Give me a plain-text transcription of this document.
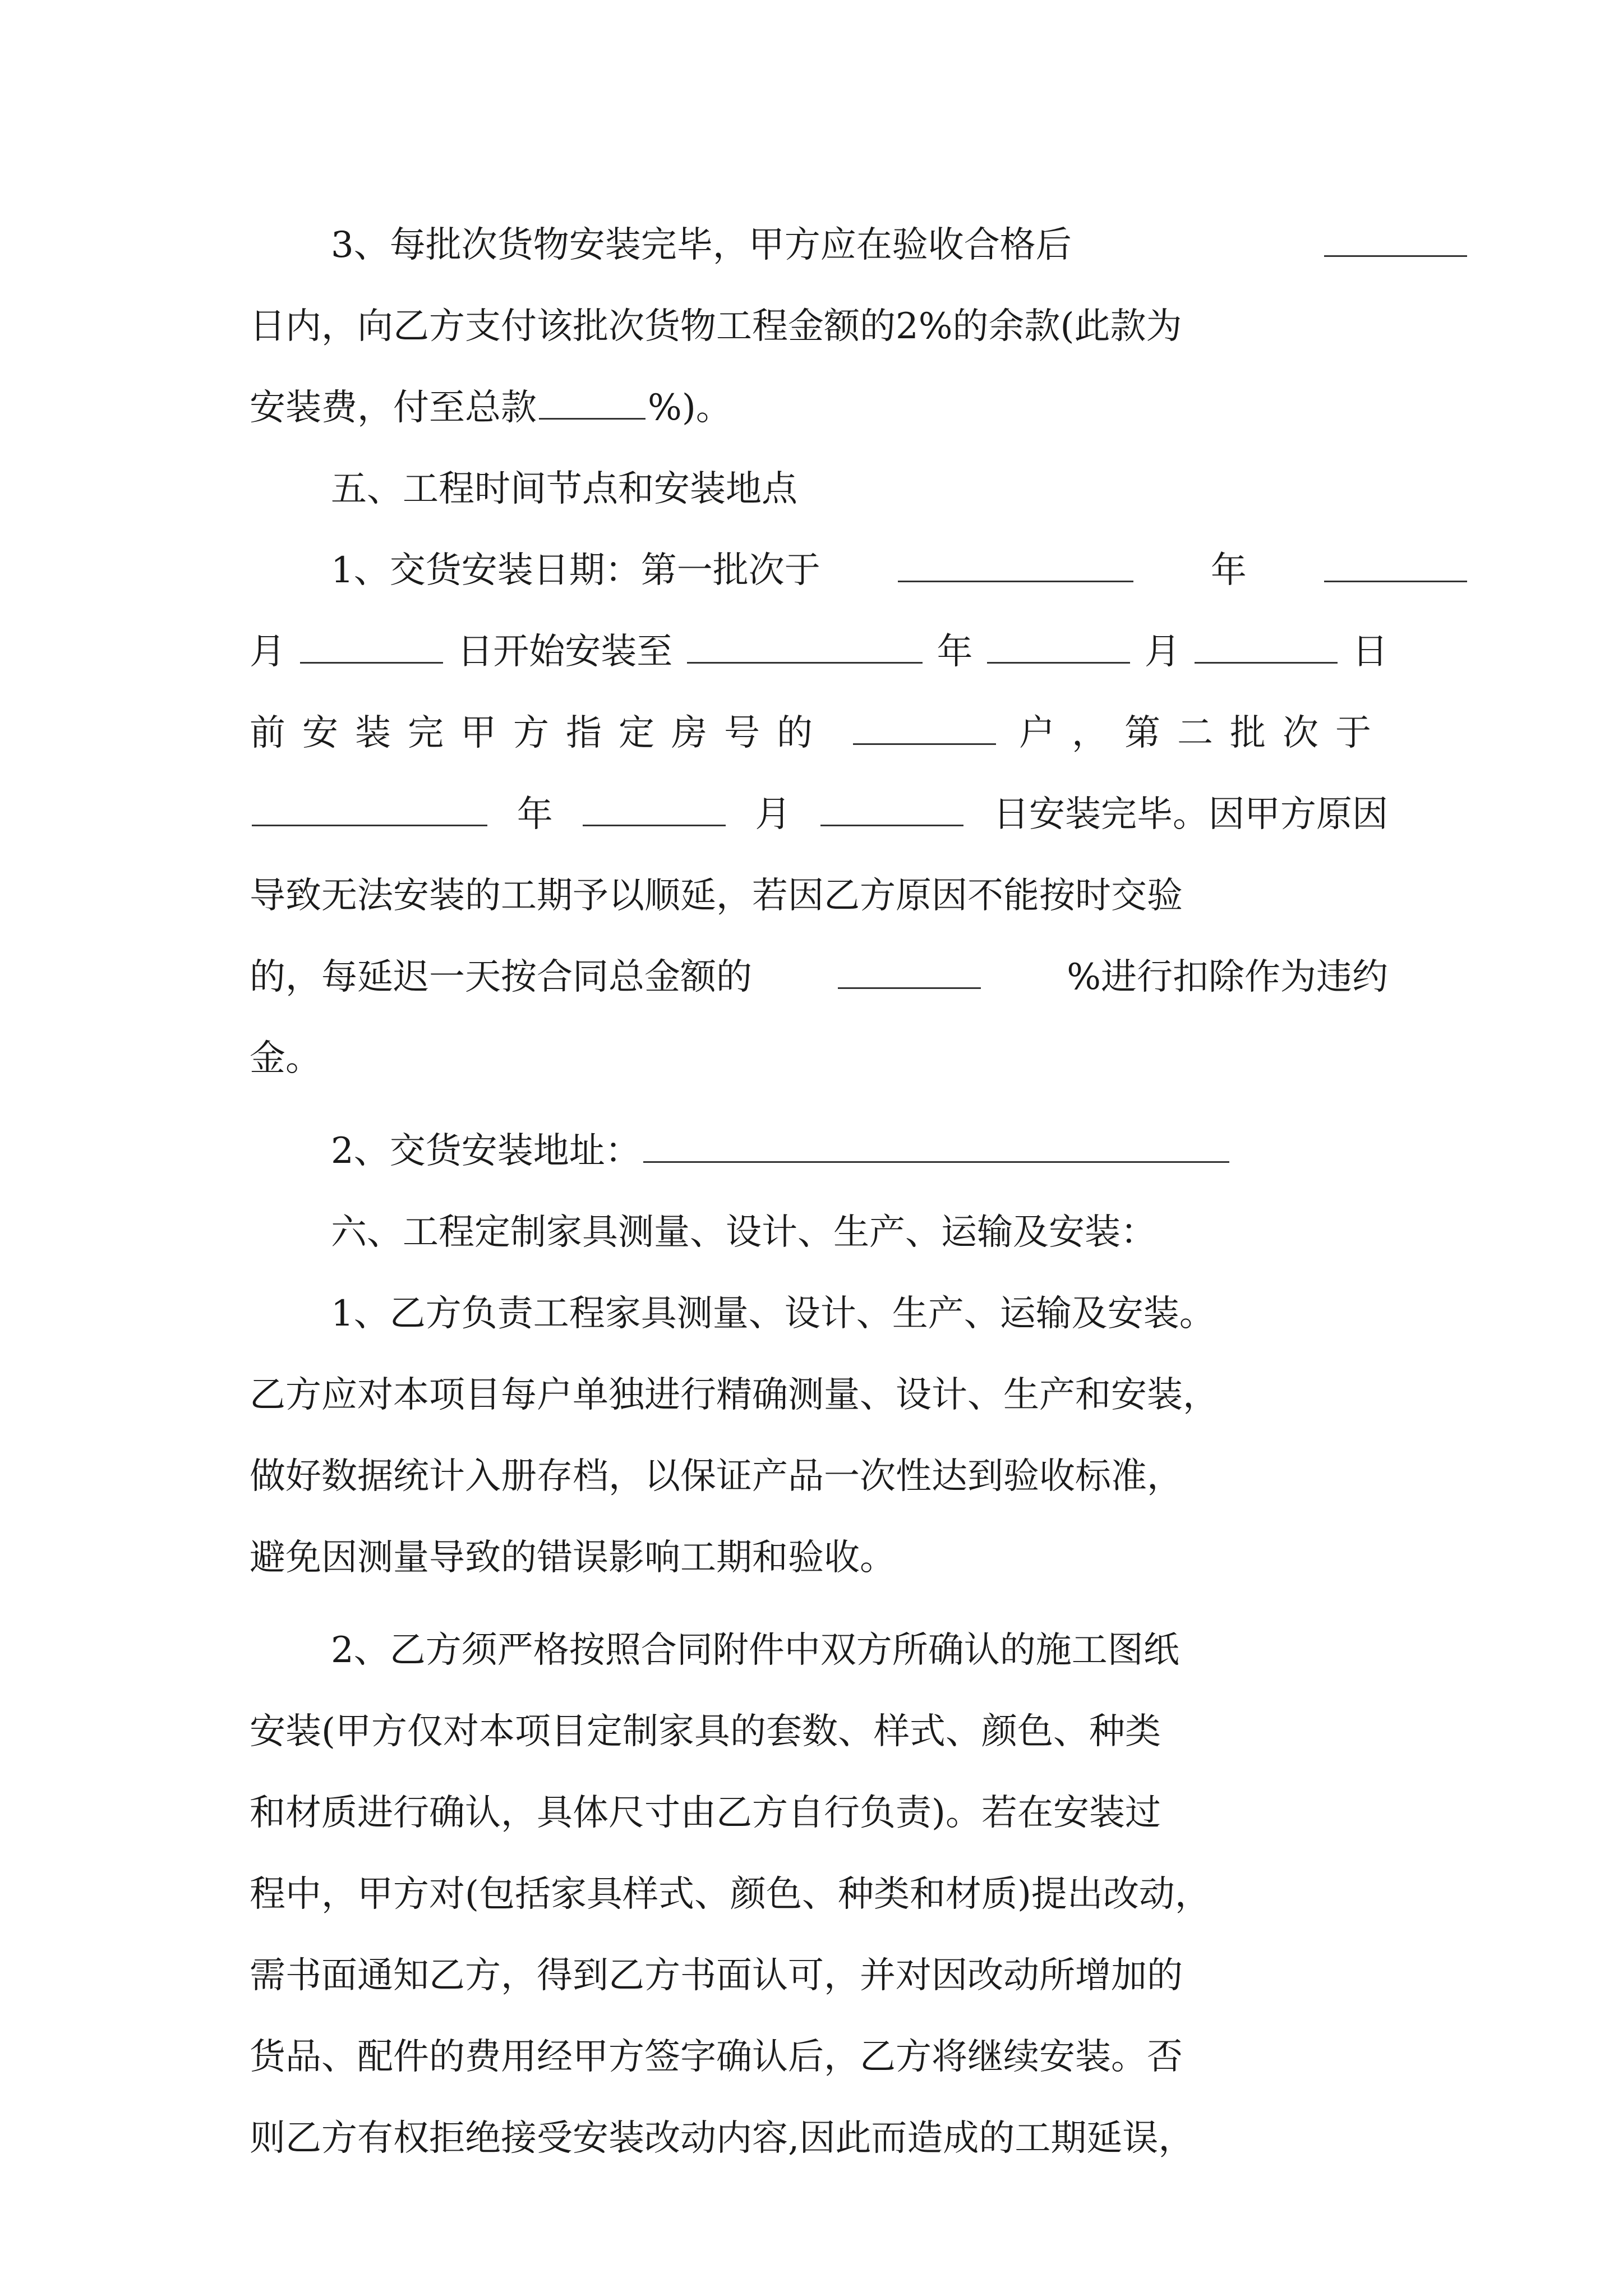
3、每批次货物安装完毕，甲方应在验收合格后
日内，向乙方支付该批次货物工程金额的2%的余款(此款为
安装费，付至总款	%)。
五、工程时间节点和安装地点
1、交货安装日期：第一批次于	年
月	日开始安装至	年	月	日
前安装完甲方指定房号的	户，第二批次于
年	月	日安装完毕。因甲方原因
导致无法安装的工期予以顺延，若因乙方原因不能按时交验
的，每延迟一天按合同总金额的	%进行扣除作为违约
金。
2、交货安装地址：
六、工程定制家具测量、设计、生产、运输及安装：
1、乙方负责工程家具测量、设计、生产、运输及安装。
乙方应对本项目每户单独进行精确测量、设计、生产和安装，
做好数据统计入册存档，以保证产品一次性达到验收标准，
避免因测量导致的错误影响工期和验收。
2、乙方须严格按照合同附件中双方所确认的施工图纸
安装(甲方仅对本项目定制家具的套数、样式、颜色、种类
和材质进行确认，具体尺寸由乙方自行负责)。若在安装过
程中，甲方对(包括家具样式、颜色、种类和材质)提出改动，
需书面通知乙方，得到乙方书面认可，并对因改动所增加的
货品、配件的费用经甲方签字确认后，乙方将继续安装。否
则乙方有权拒绝接受安装改动内容,因此而造成的工期延误，
